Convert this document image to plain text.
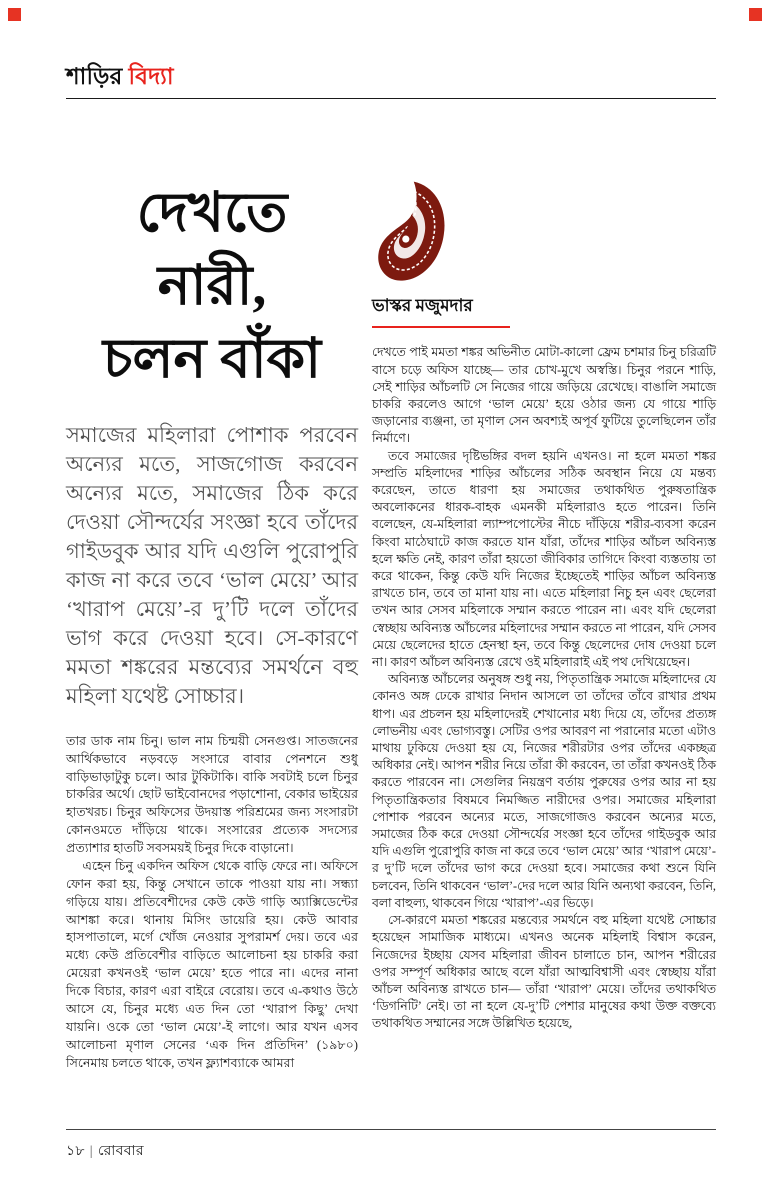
শাড়ির বিদ্যা
দেখতে
নারী,
চলন বাঁকা

সমাজের মহিলারা পোশাক পরবেন অন্যের মতে, সাজগোজ করবেন অন্যের মতে, সমাজের ঠিক করে দেওয়া সৌন্দর্যের সংজ্ঞা হবে তাঁদের গাইডবুক আর যদি এগুলি পুরোপুরি কাজ না করে তবে ‘ভাল মেয়ে’ আর ‘খারাপ মেয়ে’-র দু’টি দলে তাঁদের ভাগ করে দেওয়া হবে। সে-কারণে মমতা শঙ্করের মন্তব্যের সমর্থনে বহু মহিলা যথেষ্ট সোচ্চার।

তার ডাক নাম চিনু। ভাল নাম চিন্ময়ী সেনগুপ্ত। সাতজনের আর্থিকভাবে নড়বড়ে সংসারে বাবার পেনশনে শুধু বাড়িভাড়াটুকু চলে। আর টুকিটাকি। বাকি সবটাই চলে চিনুর চাকরির অর্থে। ছোট ভাইবোনদের পড়াশোনা, বেকার ভাইয়ের হাতখরচ। চিনুর অফিসের উদয়াস্ত পরিশ্রমের জন্য সংসারটা কোনওমতে দাঁড়িয়ে থাকে। সংসারের প্রত্যেক সদস্যের প্রত্যাশার হাতটি সবসময়ই চিনুর দিকে বাড়ানো।

এহেন চিনু একদিন অফিস থেকে বাড়ি ফেরে না। অফিসে ফোন করা হয়, কিন্তু সেখানে তাকে পাওয়া যায় না। সন্ধ্যা গড়িয়ে যায়। প্রতিবেশীদের কেউ কেউ গাড়ি অ্যাক্সিডেন্টের আশঙ্কা করে। থানায় মিসিং ডায়েরি হয়। কেউ আবার হাসপাতালে, মর্গে খোঁজ নেওয়ার সুপরামর্শ দেয়। তবে এর মধ্যে কেউ প্রতিবেশীর বাড়িতে আলোচনা হয় চাকরি করা মেয়েরা কখনওই ‘ভাল মেয়ে’ হতে পারে না। এদের নানা দিকে বিচার, কারণ এরা বাইরে বেরোয়। তবে এ-কথাও উঠে আসে যে, চিনুর মধ্যে এত দিন তো ‘খারাপ কিছু’ দেখা যায়নি। ওকে তো ‘ভাল মেয়ে’-ই লাগে। আর যখন এসব আলোচনা মৃণাল সেনের ‘এক দিন প্রতিদিন’ (১৯৮০) সিনেমায় চলতে থাকে, তখন ফ্ল্যাশব্যাকে আমরা

ভাস্কর মজুমদার

দেখতে পাই মমতা শঙ্কর অভিনীত মোটা-কালো ফ্রেম চশমার চিনু চরিত্রটি বাসে চড়ে অফিস যাচ্ছে— তার চোখ-মুখে অস্বস্তি। চিনুর পরনে শাড়ি, সেই শাড়ির আঁচলটি সে নিজের গায়ে জড়িয়ে রেখেছে। বাঙালি সমাজে চাকরি করলেও আগে ‘ভাল মেয়ে’ হয়ে ওঠার জন্য যে গায়ে শাড়ি জড়ানোর ব্যঞ্জনা, তা মৃণাল সেন অবশ্যই অপূর্ব ফুটিয়ে তুলেছিলেন তাঁর নির্মাণে।

তবে সমাজের দৃষ্টিভঙ্গির বদল হয়নি এখনও। না হলে মমতা শঙ্কর সম্প্রতি মহিলাদের শাড়ির আঁচলের সঠিক অবস্থান নিয়ে যে মন্তব্য করেছেন, তাতে ধারণা হয় সমাজের তথাকথিত পুরুষতান্ত্রিক অবলোকনের ধারক-বাহক এমনকী মহিলারাও হতে পারেন। তিনি বলেছেন, যে-মহিলারা ল্যাম্পপোস্টের নীচে দাঁড়িয়ে শরীর-ব্যবসা করেন কিংবা মাঠেঘাটে কাজ করতে যান যাঁরা, তাঁদের শাড়ির আঁচল অবিন্যস্ত হলে ক্ষতি নেই, কারণ তাঁরা হয়তো জীবিকার তাগিদে কিংবা ব্যস্ততায় তা করে থাকেন, কিন্তু কেউ যদি নিজের ইচ্ছেতেই শাড়ির আঁচল অবিন্যস্ত রাখতে চান, তবে তা মানা যায় না। এতে মহিলারা নিচু হন এবং ছেলেরা তখন আর সেসব মহিলাকে সম্মান করতে পারেন না। এবং যদি ছেলেরা স্বেচ্ছায় অবিন্যস্ত আঁচলের মহিলাদের সম্মান করতে না পারেন, যদি সেসব মেয়ে ছেলেদের হাতে হেনস্থা হন, তবে কিন্তু ছেলেদের দোষ দেওয়া চলে না। কারণ আঁচল অবিন্যস্ত রেখে ওই মহিলারাই এই পথ দেখিয়েছেন।

অবিন্যস্ত আঁচলের অনুষঙ্গ শুধু নয়, পিতৃতান্ত্রিক সমাজে মহিলাদের যে কোনও অঙ্গ ঢেকে রাখার নিদান আসলে তা তাঁদের তাঁবে রাখার প্রথম ধাপ। এর প্রচলন হয় মহিলাদেরই শেখানোর মধ্য দিয়ে যে, তাঁদের প্রত্যঙ্গ লোভনীয় এবং ভোগ্যবস্তু। সেটির ওপর আবরণ না পরানোর মতো এটাও মাথায় ঢুকিয়ে দেওয়া হয় যে, নিজের শরীরটার ওপর তাঁদের একচ্ছত্র অধিকার নেই। আপন শরীর নিয়ে তাঁরা কী করবেন, তা তাঁরা কখনওই ঠিক করতে পারবেন না। সেগুলির নিয়ন্ত্রণ বর্তায় পুরুষের ওপর আর না হয় পিতৃতান্ত্রিকতার বিষমবে নিমজ্জিত নারীদের ওপর। সমাজের মহিলারা পোশাক পরবেন অন্যের মতে, সাজগোজও করবেন অন্যের মতে, সমাজের ঠিক করে দেওয়া সৌন্দর্যের সংজ্ঞা হবে তাঁদের গাইডবুক আর যদি এগুলি পুরোপুরি কাজ না করে তবে ‘ভাল মেয়ে’ আর ‘খারাপ মেয়ে’-র দু’টি দলে তাঁদের ভাগ করে দেওয়া হবে। সমাজের কথা শুনে যিনি চলবেন, তিনি থাকবেন ‘ভাল’-দের দলে আর যিনি অন্যথা করবেন, তিনি, বলা বাহুল্য, থাকবেন গিয়ে ‘খারাপ’-এর ভিড়ে।

সে-কারণে মমতা শঙ্করের মন্তব্যের সমর্থনে বহু মহিলা যথেষ্ট সোচ্চার হয়েছেন সামাজিক মাধ্যমে। এখনও অনেক মহিলাই বিশ্বাস করেন, নিজেদের ইচ্ছায় যেসব মহিলারা জীবন চালাতে চান, আপন শরীরের ওপর সম্পূর্ণ অধিকার আছে বলে যাঁরা আত্মবিশ্বাসী এবং স্বেচ্ছায় যাঁরা আঁচল অবিন্যস্ত রাখতে চান— তাঁরা ‘খারাপ’ মেয়ে। তাঁদের তথাকথিত ‘ডিগনিটি’ নেই। তা না হলে যে-দু’টি পেশার মানুষের কথা উক্ত বক্তব্যে তথাকথিত সম্মানের সঙ্গে উল্লিখিত হয়েছে,

১৮ | রোববার
